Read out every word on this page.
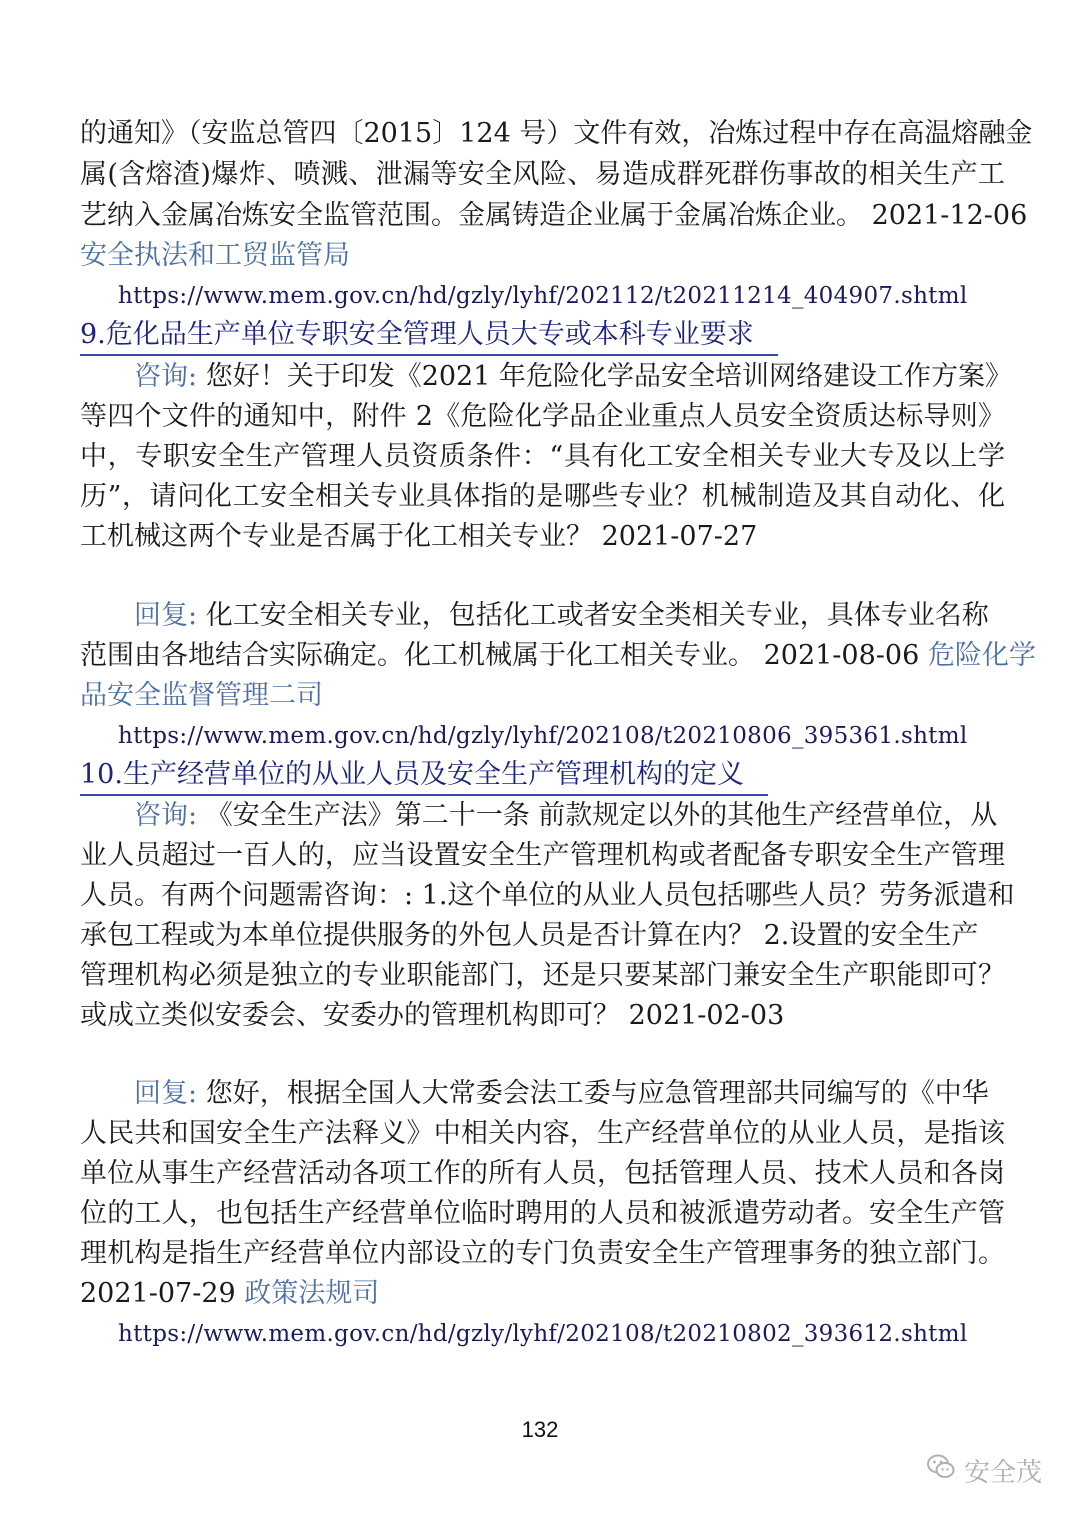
的通知》（安监总管四〔2015〕124 号）文件有效，冶炼过程中存在高温熔融金
属(含熔渣)爆炸、喷溅、泄漏等安全风险、易造成群死群伤事故的相关生产工
艺纳入金属冶炼安全监管范围。金属铸造企业属于金属冶炼企业。 2021-12-06
安全执法和工贸监管局
https://www.mem.gov.cn/hd/gzly/lyhf/202112/t20211214_404907.shtml
9.危化品生产单位专职安全管理人员大专或本科专业要求
咨询: 您好！关于印发《2021 年危险化学品安全培训网络建设工作方案》
等四个文件的通知中，附件 2《危险化学品企业重点人员安全资质达标导则》
中，专职安全生产管理人员资质条件：“具有化工安全相关专业大专及以上学
历”，请问化工安全相关专业具体指的是哪些专业？机械制造及其自动化、化
工机械这两个专业是否属于化工相关专业？ 2021-07-27
回复: 化工安全相关专业，包括化工或者安全类相关专业，具体专业名称
范围由各地结合实际确定。化工机械属于化工相关专业。 2021-08-06 危险化学
品安全监督管理二司
https://www.mem.gov.cn/hd/gzly/lyhf/202108/t20210806_395361.shtml
10.生产经营单位的从业人员及安全生产管理机构的定义
咨询: 《安全生产法》第二十一条 前款规定以外的其他生产经营单位，从
业人员超过一百人的，应当设置安全生产管理机构或者配备专职安全生产管理
人员。有两个问题需咨询：: 1.这个单位的从业人员包括哪些人员？劳务派遣和
承包工程或为本单位提供服务的外包人员是否计算在内？ 2.设置的安全生产
管理机构必须是独立的专业职能部门，还是只要某部门兼安全生产职能即可？
或成立类似安委会、安委办的管理机构即可？ 2021-02-03
回复: 您好，根据全国人大常委会法工委与应急管理部共同编写的《中华
人民共和国安全生产法释义》中相关内容，生产经营单位的从业人员，是指该
单位从事生产经营活动各项工作的所有人员，包括管理人员、技术人员和各岗
位的工人，也包括生产经营单位临时聘用的人员和被派遣劳动者。安全生产管
理机构是指生产经营单位内部设立的专门负责安全生产管理事务的独立部门。
2021-07-29 政策法规司
https://www.mem.gov.cn/hd/gzly/lyhf/202108/t20210802_393612.shtml
132
安全茂
